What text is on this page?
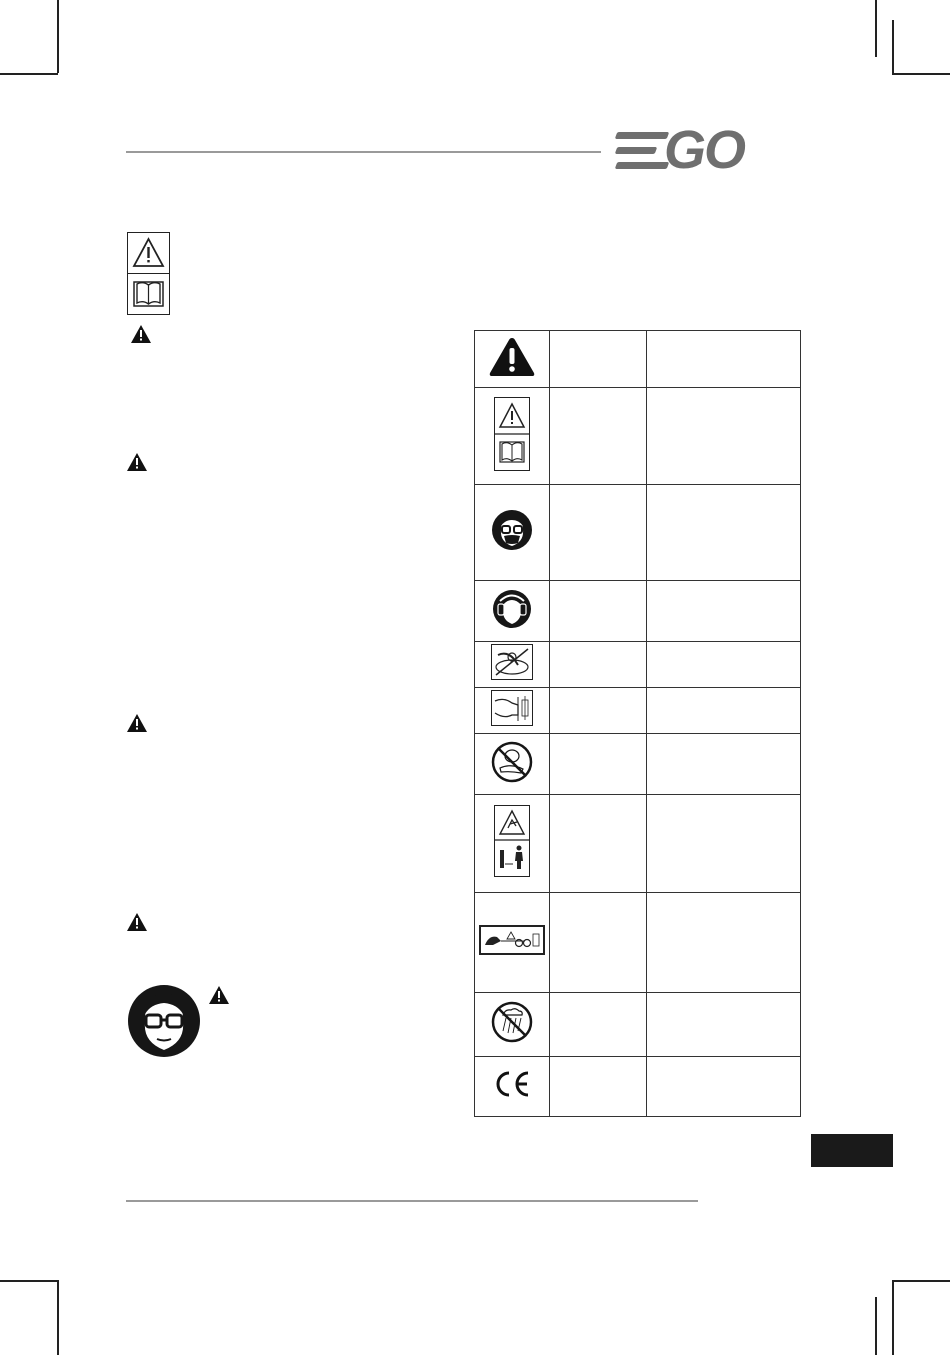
GO
